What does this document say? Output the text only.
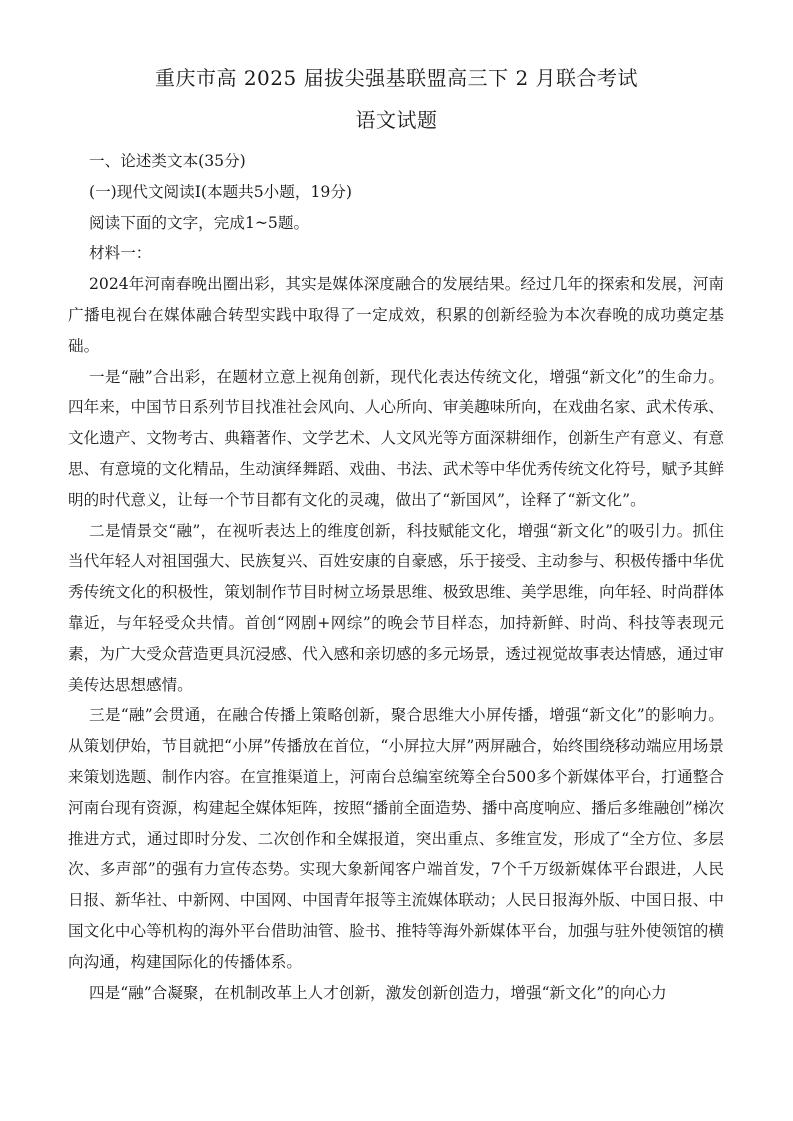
重庆市高 2025 届拔尖强基联盟高三下 2 月联合考试
语文试题

一、论述类文本(35分)

(一)现代文阅读Ⅰ(本题共5小题，19分)

阅读下面的文字，完成1~5题。

材料一：

2024年河南春晚出圈出彩，其实是媒体深度融合的发展结果。经过几年的探索和发展，河南广播电视台在媒体融合转型实践中取得了一定成效，积累的创新经验为本次春晚的成功奠定基础。

一是“融”合出彩，在题材立意上视角创新，现代化表达传统文化，增强“新文化”的生命力。四年来，中国节日系列节目找准社会风向、人心所向、审美趣味所向，在戏曲名家、武术传承、文化遗产、文物考古、典籍著作、文学艺术、人文风光等方面深耕细作，创新生产有意义、有意思、有意境的文化精品，生动演绎舞蹈、戏曲、书法、武术等中华优秀传统文化符号，赋予其鲜明的时代意义，让每一个节目都有文化的灵魂，做出了“新国风”，诠释了“新文化”。

二是情景交“融”，在视听表达上的维度创新，科技赋能文化，增强“新文化”的吸引力。抓住当代年轻人对祖国强大、民族复兴、百姓安康的自豪感，乐于接受、主动参与、积极传播中华优秀传统文化的积极性，策划制作节目时树立场景思维、极致思维、美学思维，向年轻、时尚群体靠近，与年轻受众共情。首创“网剧+网综”的晚会节目样态，加持新鲜、时尚、科技等表现元素，为广大受众营造更具沉浸感、代入感和亲切感的多元场景，透过视觉故事表达情感，通过审美传达思想感情。

三是“融”会贯通，在融合传播上策略创新，聚合思维大小屏传播，增强“新文化”的影响力。从策划伊始，节目就把“小屏”传播放在首位，“小屏拉大屏”两屏融合，始终围绕移动端应用场景来策划选题、制作内容。在宣推渠道上，河南台总编室统筹全台500多个新媒体平台，打通整合河南台现有资源，构建起全媒体矩阵，按照“播前全面造势、播中高度响应、播后多维融创”梯次推进方式，通过即时分发、二次创作和全媒报道，突出重点、多维宣发，形成了“全方位、多层次、多声部”的强有力宣传态势。实现大象新闻客户端首发，7个千万级新媒体平台跟进，人民日报、新华社、中新网、中国网、中国青年报等主流媒体联动；人民日报海外版、中国日报、中国文化中心等机构的海外平台借助油管、脸书、推特等海外新媒体平台，加强与驻外使领馆的横向沟通，构建国际化的传播体系。

四是“融”合凝聚，在机制改革上人才创新，激发创新创造力，增强“新文化”的向心力
